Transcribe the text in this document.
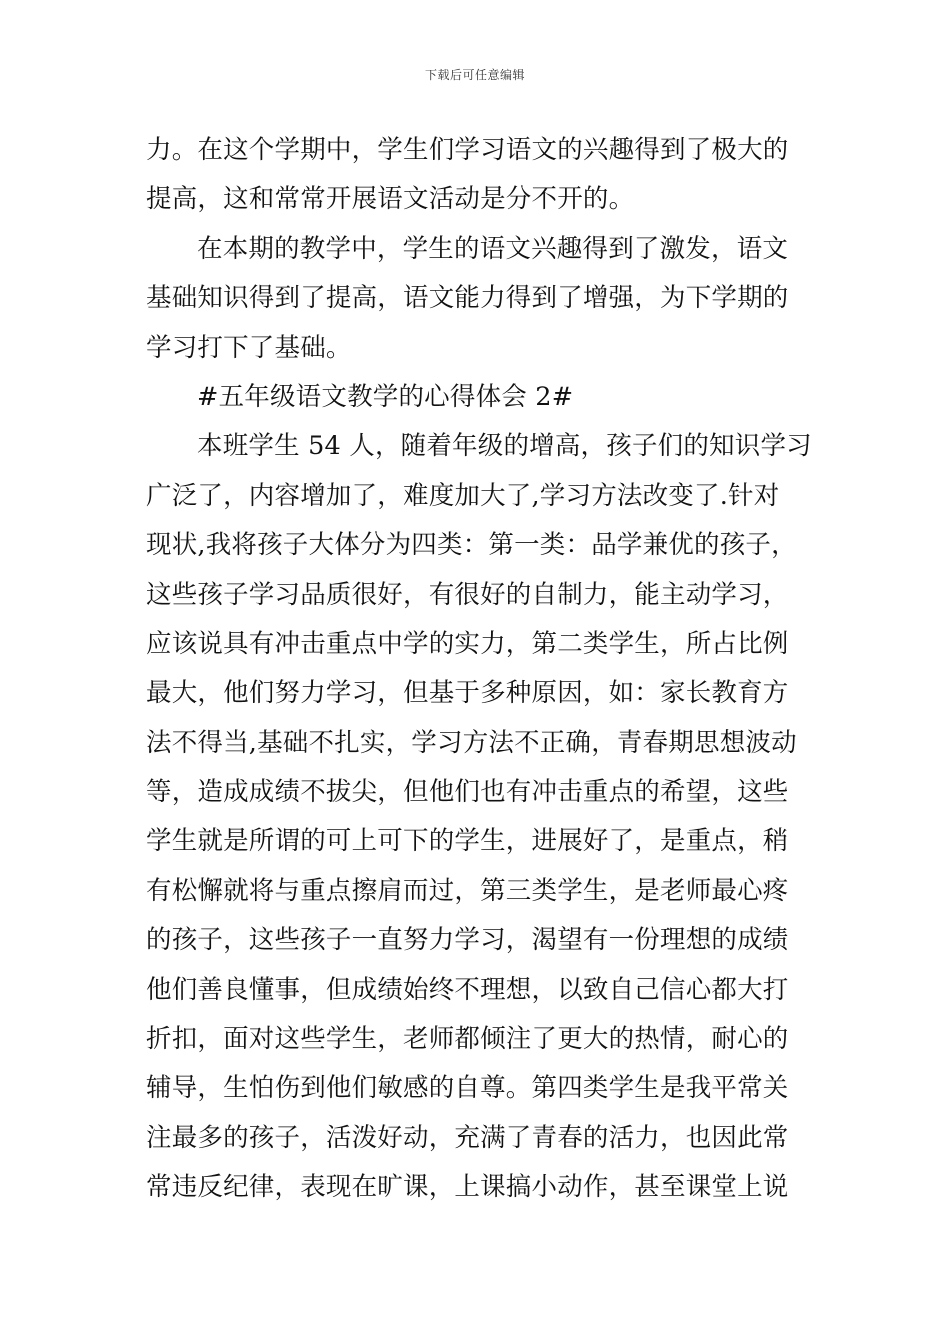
下载后可任意编辑
力。在这个学期中，学生们学习语文的兴趣得到了极大的
提高，这和常常开展语文活动是分不开的。
在本期的教学中，学生的语文兴趣得到了激发，语文
基础知识得到了提高，语文能力得到了增强，为下学期的
学习打下了基础。
#五年级语文教学的心得体会 2#
本班学生 54 人，随着年级的增高，孩子们的知识学习
广泛了，内容增加了，难度加大了,学习方法改变了.针对
现状,我将孩子大体分为四类：第一类：品学兼优的孩子，
这些孩子学习品质很好，有很好的自制力，能主动学习，
应该说具有冲击重点中学的实力，第二类学生，所占比例
最大，他们努力学习，但基于多种原因，如：家长教育方
法不得当,基础不扎实，学习方法不正确，青春期思想波动
等，造成成绩不拔尖，但他们也有冲击重点的希望，这些
学生就是所谓的可上可下的学生，进展好了，是重点，稍
有松懈就将与重点擦肩而过，第三类学生，是老师最心疼
的孩子，这些孩子一直努力学习，渴望有一份理想的成绩
他们善良懂事，但成绩始终不理想，以致自己信心都大打
折扣，面对这些学生，老师都倾注了更大的热情，耐心的
辅导，生怕伤到他们敏感的自尊。第四类学生是我平常关
注最多的孩子，活泼好动，充满了青春的活力，也因此常
常违反纪律，表现在旷课，上课搞小动作，甚至课堂上说
